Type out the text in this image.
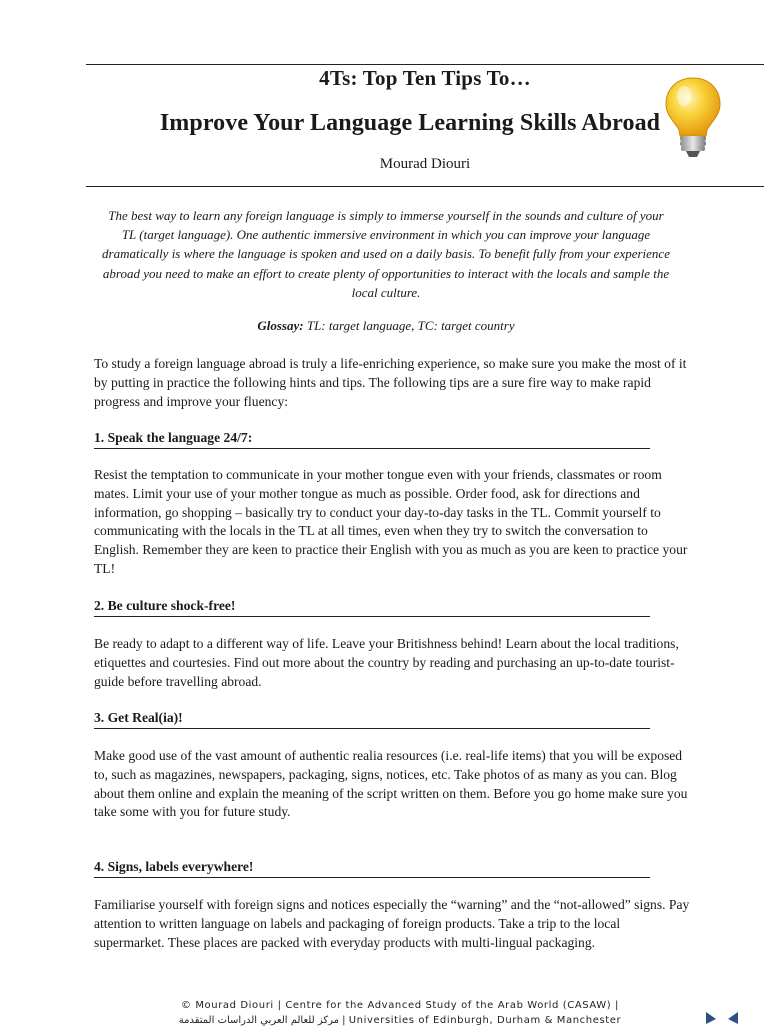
4Ts: Top Ten Tips To…
Improve Your Language Learning Skills Abroad
Mourad Diouri
The best way to learn any foreign language is simply to immerse yourself in the sounds and culture of your TL (target language). One authentic immersive environment in which you can improve your language dramatically is where the language is spoken and used on a daily basis. To benefit fully from your experience abroad you need to make an effort to create plenty of opportunities to interact with the locals and sample the local culture.
Glossay: TL: target language, TC: target country
To study a foreign language abroad is truly a life-enriching experience, so make sure you make the most of it by putting in practice the following hints and tips. The following tips are a sure fire way to make rapid progress and improve your fluency:
1. Speak the language 24/7:
Resist the temptation to communicate in your mother tongue even with your friends, classmates or room mates. Limit your use of your mother tongue as much as possible. Order food, ask for directions and information, go shopping – basically try to conduct your day-to-day tasks in the TL. Commit yourself to communicating with the locals in the TL at all times, even when they try to switch the conversation to English. Remember they are keen to practice their English with you as much as you are keen to practice your TL!
2. Be culture shock-free!
Be ready to adapt to a different way of life. Leave your Britishness behind! Learn about the local traditions, etiquettes and courtesies. Find out more about the country by reading and purchasing an up-to-date tourist-guide before travelling abroad.
3. Get Real(ia)!
Make good use of the vast amount of authentic realia resources (i.e. real-life items) that you will be exposed to, such as magazines, newspapers, packaging, signs, notices, etc. Take photos of as many as you can. Blog about them online and explain the meaning of the script written on them. Before you go home make sure you take some with you for future study.
4. Signs, labels everywhere!
Familiarise yourself with foreign signs and notices especially the “warning” and the “not-allowed” signs. Pay attention to written language on labels and packaging of foreign products. Take a trip to the local supermarket. These places are packed with everyday products with multi-lingual packaging.
© Mourad Diouri | Centre for the Advanced Study of the Arab World (CASAW) |
مركز للعالم العربي الدراسات المتقدمة | Universities of Edinburgh, Durham & Manchester
